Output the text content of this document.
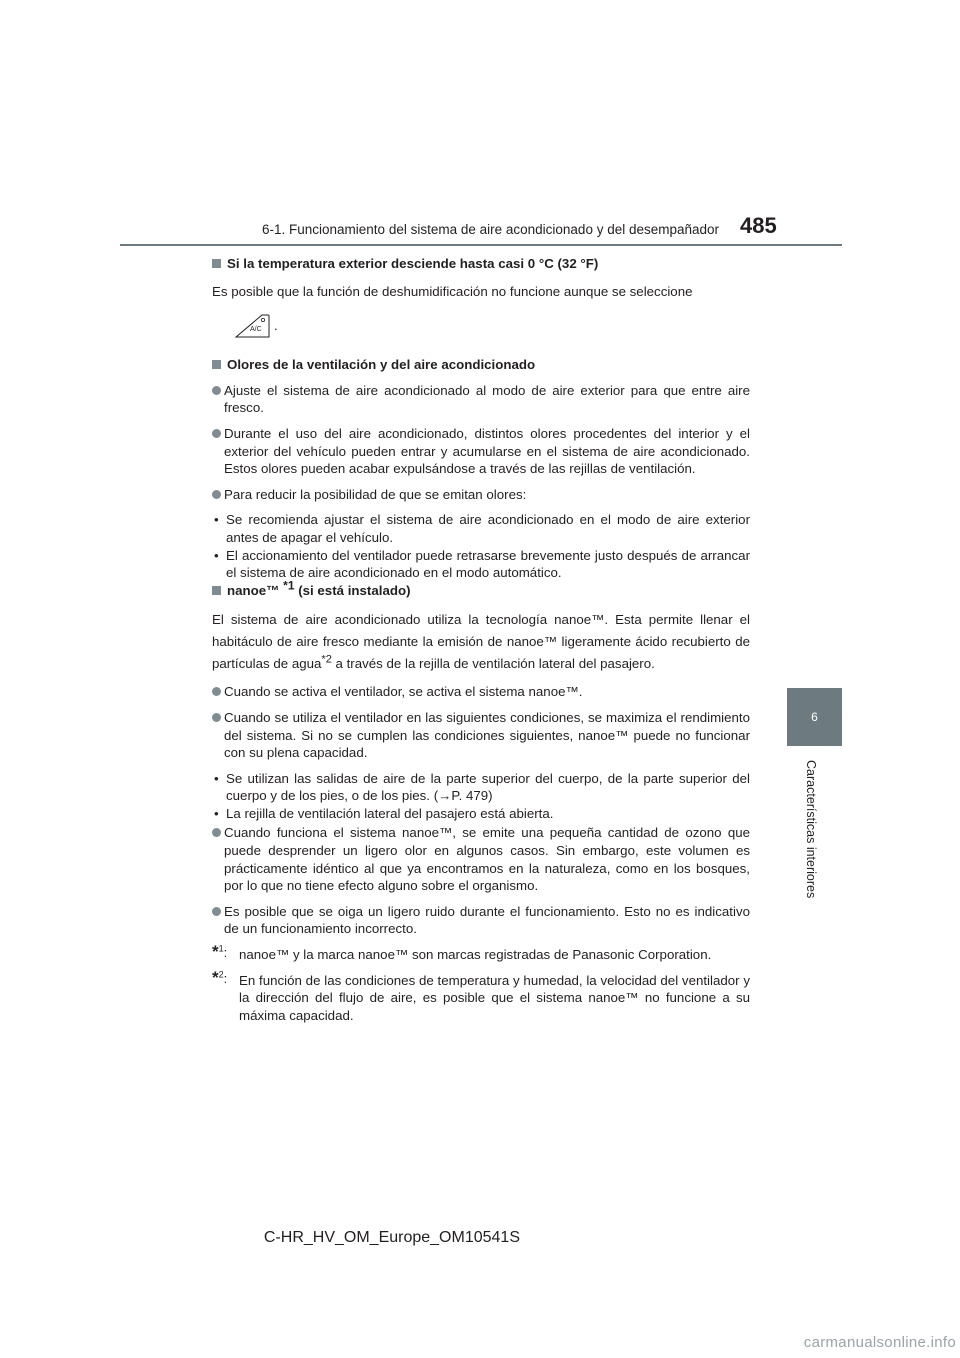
6-1. Funcionamiento del sistema de aire acondicionado y del desempañador 485
6
Características interiores

Si la temperatura exterior desciende hasta casi 0 °C (32 °F)

Es posible que la función de deshumidificación no funcione aunque se seleccione

A/C .

Olores de la ventilación y del aire acondicionado

Ajuste el sistema de aire acondicionado al modo de aire exterior para que entre aire fresco.

Durante el uso del aire acondicionado, distintos olores procedentes del interior y el exterior del vehículo pueden entrar y acumularse en el sistema de aire acondicionado. Estos olores pueden acabar expulsándose a través de las rejillas de ventilación.

Para reducir la posibilidad de que se emitan olores:

• Se recomienda ajustar el sistema de aire acondicionado en el modo de aire exterior antes de apagar el vehículo.

• El accionamiento del ventilador puede retrasarse brevemente justo después de arrancar el sistema de aire acondicionado en el modo automático.

nanoe™ $^{*1}$ (si está instalado)

El sistema de aire acondicionado utiliza la tecnología nanoe™. Esta permite llenar el habitáculo de aire fresco mediante la emisión de nanoe™ ligeramente ácido recubierto de partículas de agua$^{*2}$ a través de la rejilla de ventilación lateral del pasajero.

Cuando se activa el ventilador, se activa el sistema nanoe™.

Cuando se utiliza el ventilador en las siguientes condiciones, se maximiza el rendimiento del sistema. Si no se cumplen las condiciones siguientes, nanoe™ puede no funcionar con su plena capacidad.

• Se utilizan las salidas de aire de la parte superior del cuerpo, de la parte superior del cuerpo y de los pies, o de los pies. (→P. 479)

• La rejilla de ventilación lateral del pasajero está abierta.

Cuando funciona el sistema nanoe™, se emite una pequeña cantidad de ozono que puede desprender un ligero olor en algunos casos. Sin embargo, este volumen es prácticamente idéntico al que ya encontramos en la naturaleza, como en los bosques, por lo que no tiene efecto alguno sobre el organismo.

Es posible que se oiga un ligero ruido durante el funcionamiento. Esto no es indicativo de un funcionamiento incorrecto.

*$^1$: nanoe™ y la marca nanoe™ son marcas registradas de Panasonic Corporation.

*$^2$: En función de las condiciones de temperatura y humedad, la velocidad del ventilador y la dirección del flujo de aire, es posible que el sistema nanoe™ no funcione a su máxima capacidad.

C-HR_HV_OM_Europe_OM10541S
carmanualsonline.info
